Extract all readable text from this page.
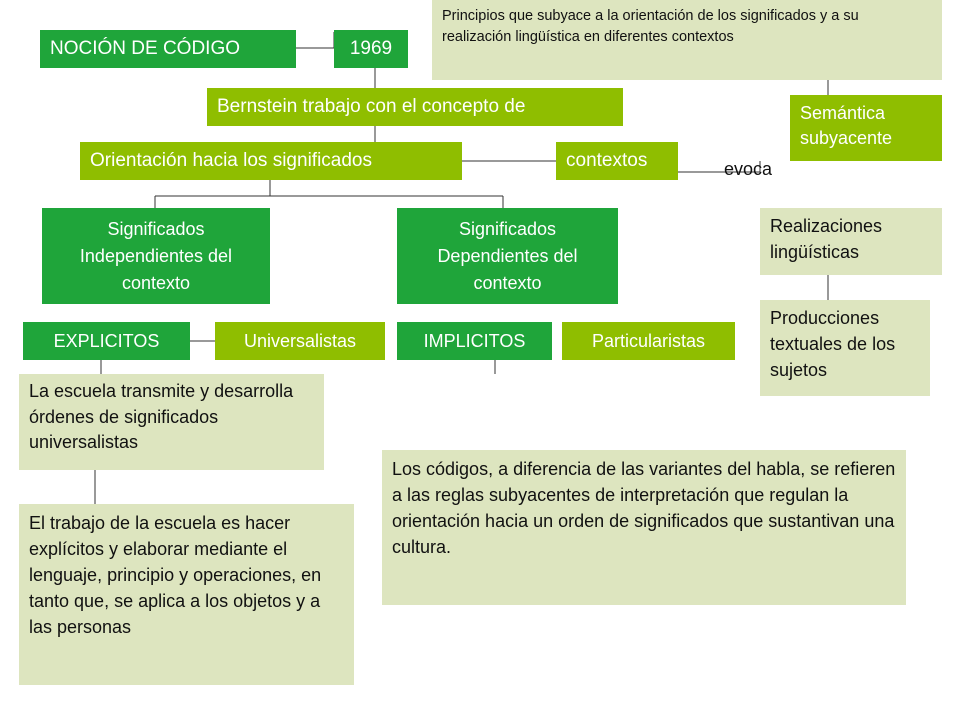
NOCIÓN DE CÓDIGO	1969
Principios que subyace a la orientación de los significados y a su realización lingüística en diferentes contextos
Bernstein trabajo con el concepto de	Semántica subyacente
Orientación hacia los significados	contextos	evoca
Significados Independientes del contexto
Significados Dependientes del contexto
Realizaciones lingüísticas
Producciones textuales de los sujetos
EXPLICITOS	Universalistas	IMPLICITOS	Particularistas
La escuela transmite y desarrolla órdenes de significados universalistas
Los códigos, a diferencia de las variantes del habla, se refieren a las reglas subyacentes de interpretación que regulan la orientación hacia un orden de significados que sustantivan una cultura.
El trabajo de la escuela es hacer explícitos y elaborar mediante el lenguaje, principio y operaciones, en tanto que, se aplica a los objetos y a las personas
